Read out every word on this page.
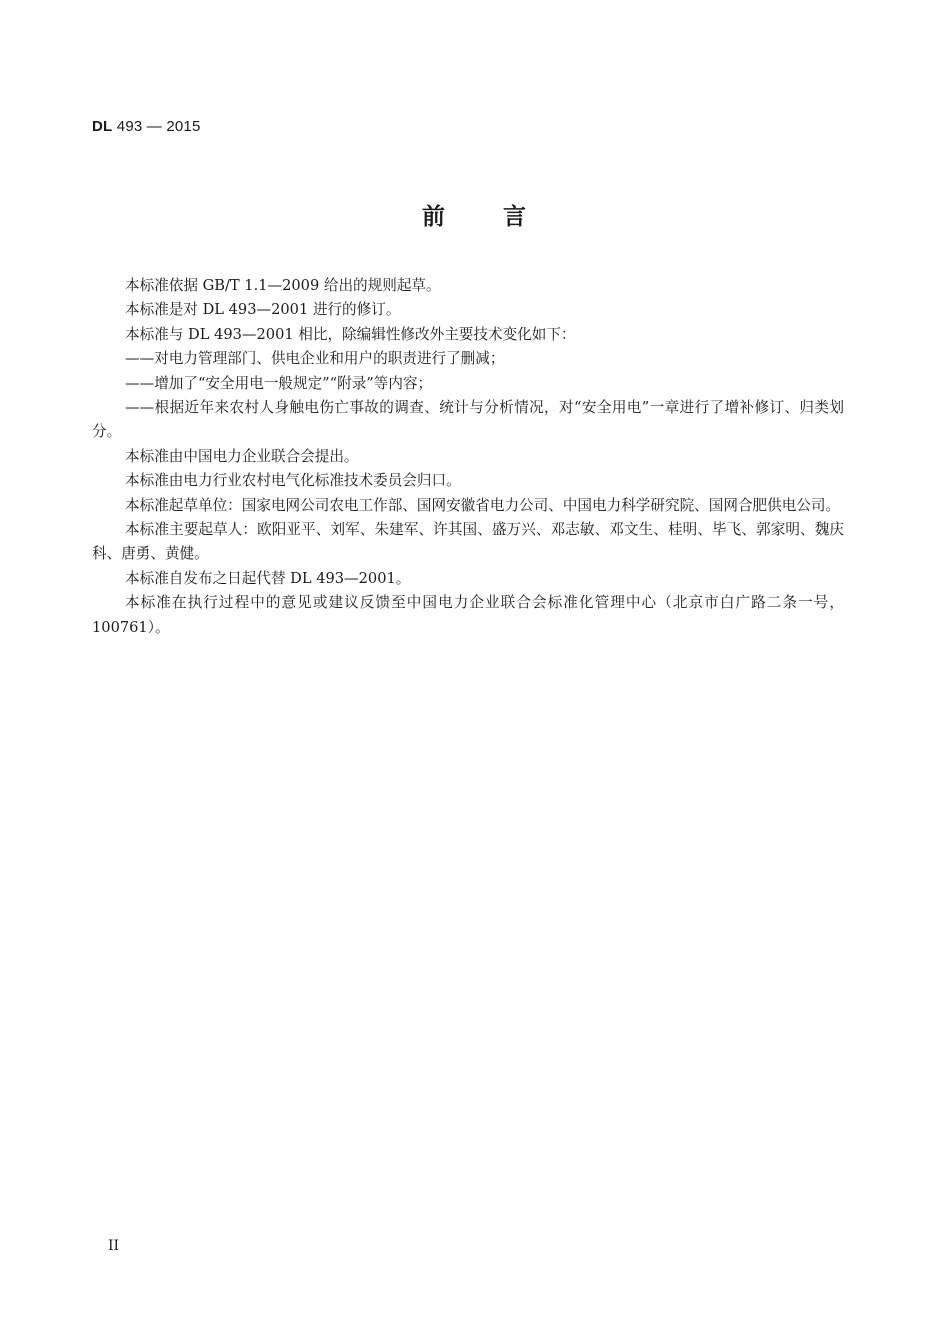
DL 493 — 2015
前 言

本标准依据 GB/T 1.1—2009 给出的规则起草。

本标准是对 DL 493—2001 进行的修订。

本标准与 DL 493—2001 相比，除编辑性修改外主要技术变化如下：

——对电力管理部门、供电企业和用户的职责进行了删减；

——增加了“安全用电一般规定”“附录”等内容；

——根据近年来农村人身触电伤亡事故的调查、统计与分析情况，对“安全用电”一章进行了增补修订、归类划分。

本标准由中国电力企业联合会提出。

本标准由电力行业农村电气化标准技术委员会归口。

本标准起草单位：国家电网公司农电工作部、国网安徽省电力公司、中国电力科学研究院、国网合肥供电公司。

本标准主要起草人：欧阳亚平、刘军、朱建军、许其国、盛万兴、邓志敏、邓文生、桂明、毕飞、郭家明、魏庆科、唐勇、黄健。

本标准自发布之日起代替 DL 493—2001。

本标准在执行过程中的意见或建议反馈至中国电力企业联合会标准化管理中心（北京市白广路二条一号，100761）。

II
